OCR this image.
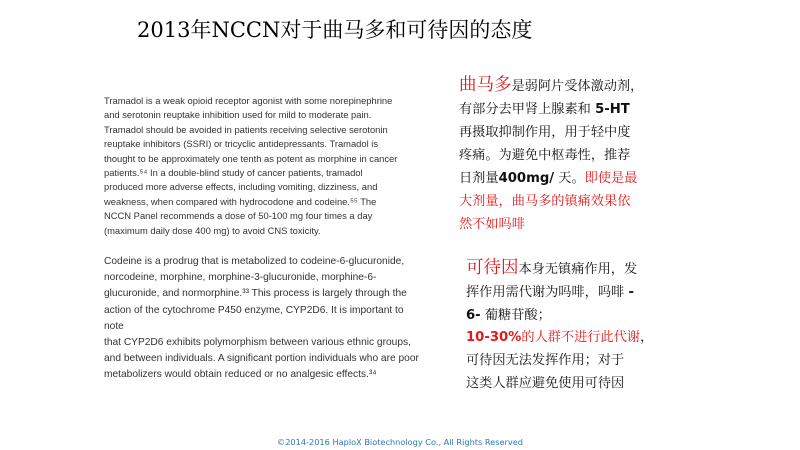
2013年NCCN对于曲马多和可待因的态度

Tramadol is a weak opioid receptor agonist with some norepinephrine
and serotonin reuptake inhibition used for mild to moderate pain.
Tramadol should be avoided in patients receiving selective serotonin
reuptake inhibitors (SSRI) or tricyclic antidepressants. Tramadol is
thought to be approximately one tenth as potent as morphine in cancer
patients.⁵⁴ In a double-blind study of cancer patients, tramadol
produced more adverse effects, including vomiting, dizziness, and
weakness, when compared with hydrocodone and codeine.⁵⁵ The
NCCN Panel recommends a dose of 50-100 mg four times a day
(maximum daily dose 400 mg) to avoid CNS toxicity.

Codeine is a prodrug that is metabolized to codeine-6-glucuronide,
norcodeine, morphine, morphine-3-glucuronide, morphine-6-
glucuronide, and normorphine.³³ This process is largely through the
action of the cytochrome P450 enzyme, CYP2D6. It is important to note
that CYP2D6 exhibits polymorphism between various ethnic groups,
and between individuals. A significant portion individuals who are poor
metabolizers would obtain reduced or no analgesic effects.³⁴

曲马多是弱阿片受体激动剂，
有部分去甲肾上腺素和 5-HT
再摄取抑制作用，用于轻中度
疼痛。为避免中枢毒性，推荐
日剂量400mg/ 天。即使是最
大剂量，曲马多的镇痛效果依
然不如吗啡
可待因本身无镇痛作用，发
挥作用需代谢为吗啡，吗啡 -
6- 葡糖苷酸；
10-30%的人群不进行此代谢，
可待因无法发挥作用；对于
这类人群应避免使用可待因
©2014-2016 HaploX Biotechnology Co., All Rights Reserved
